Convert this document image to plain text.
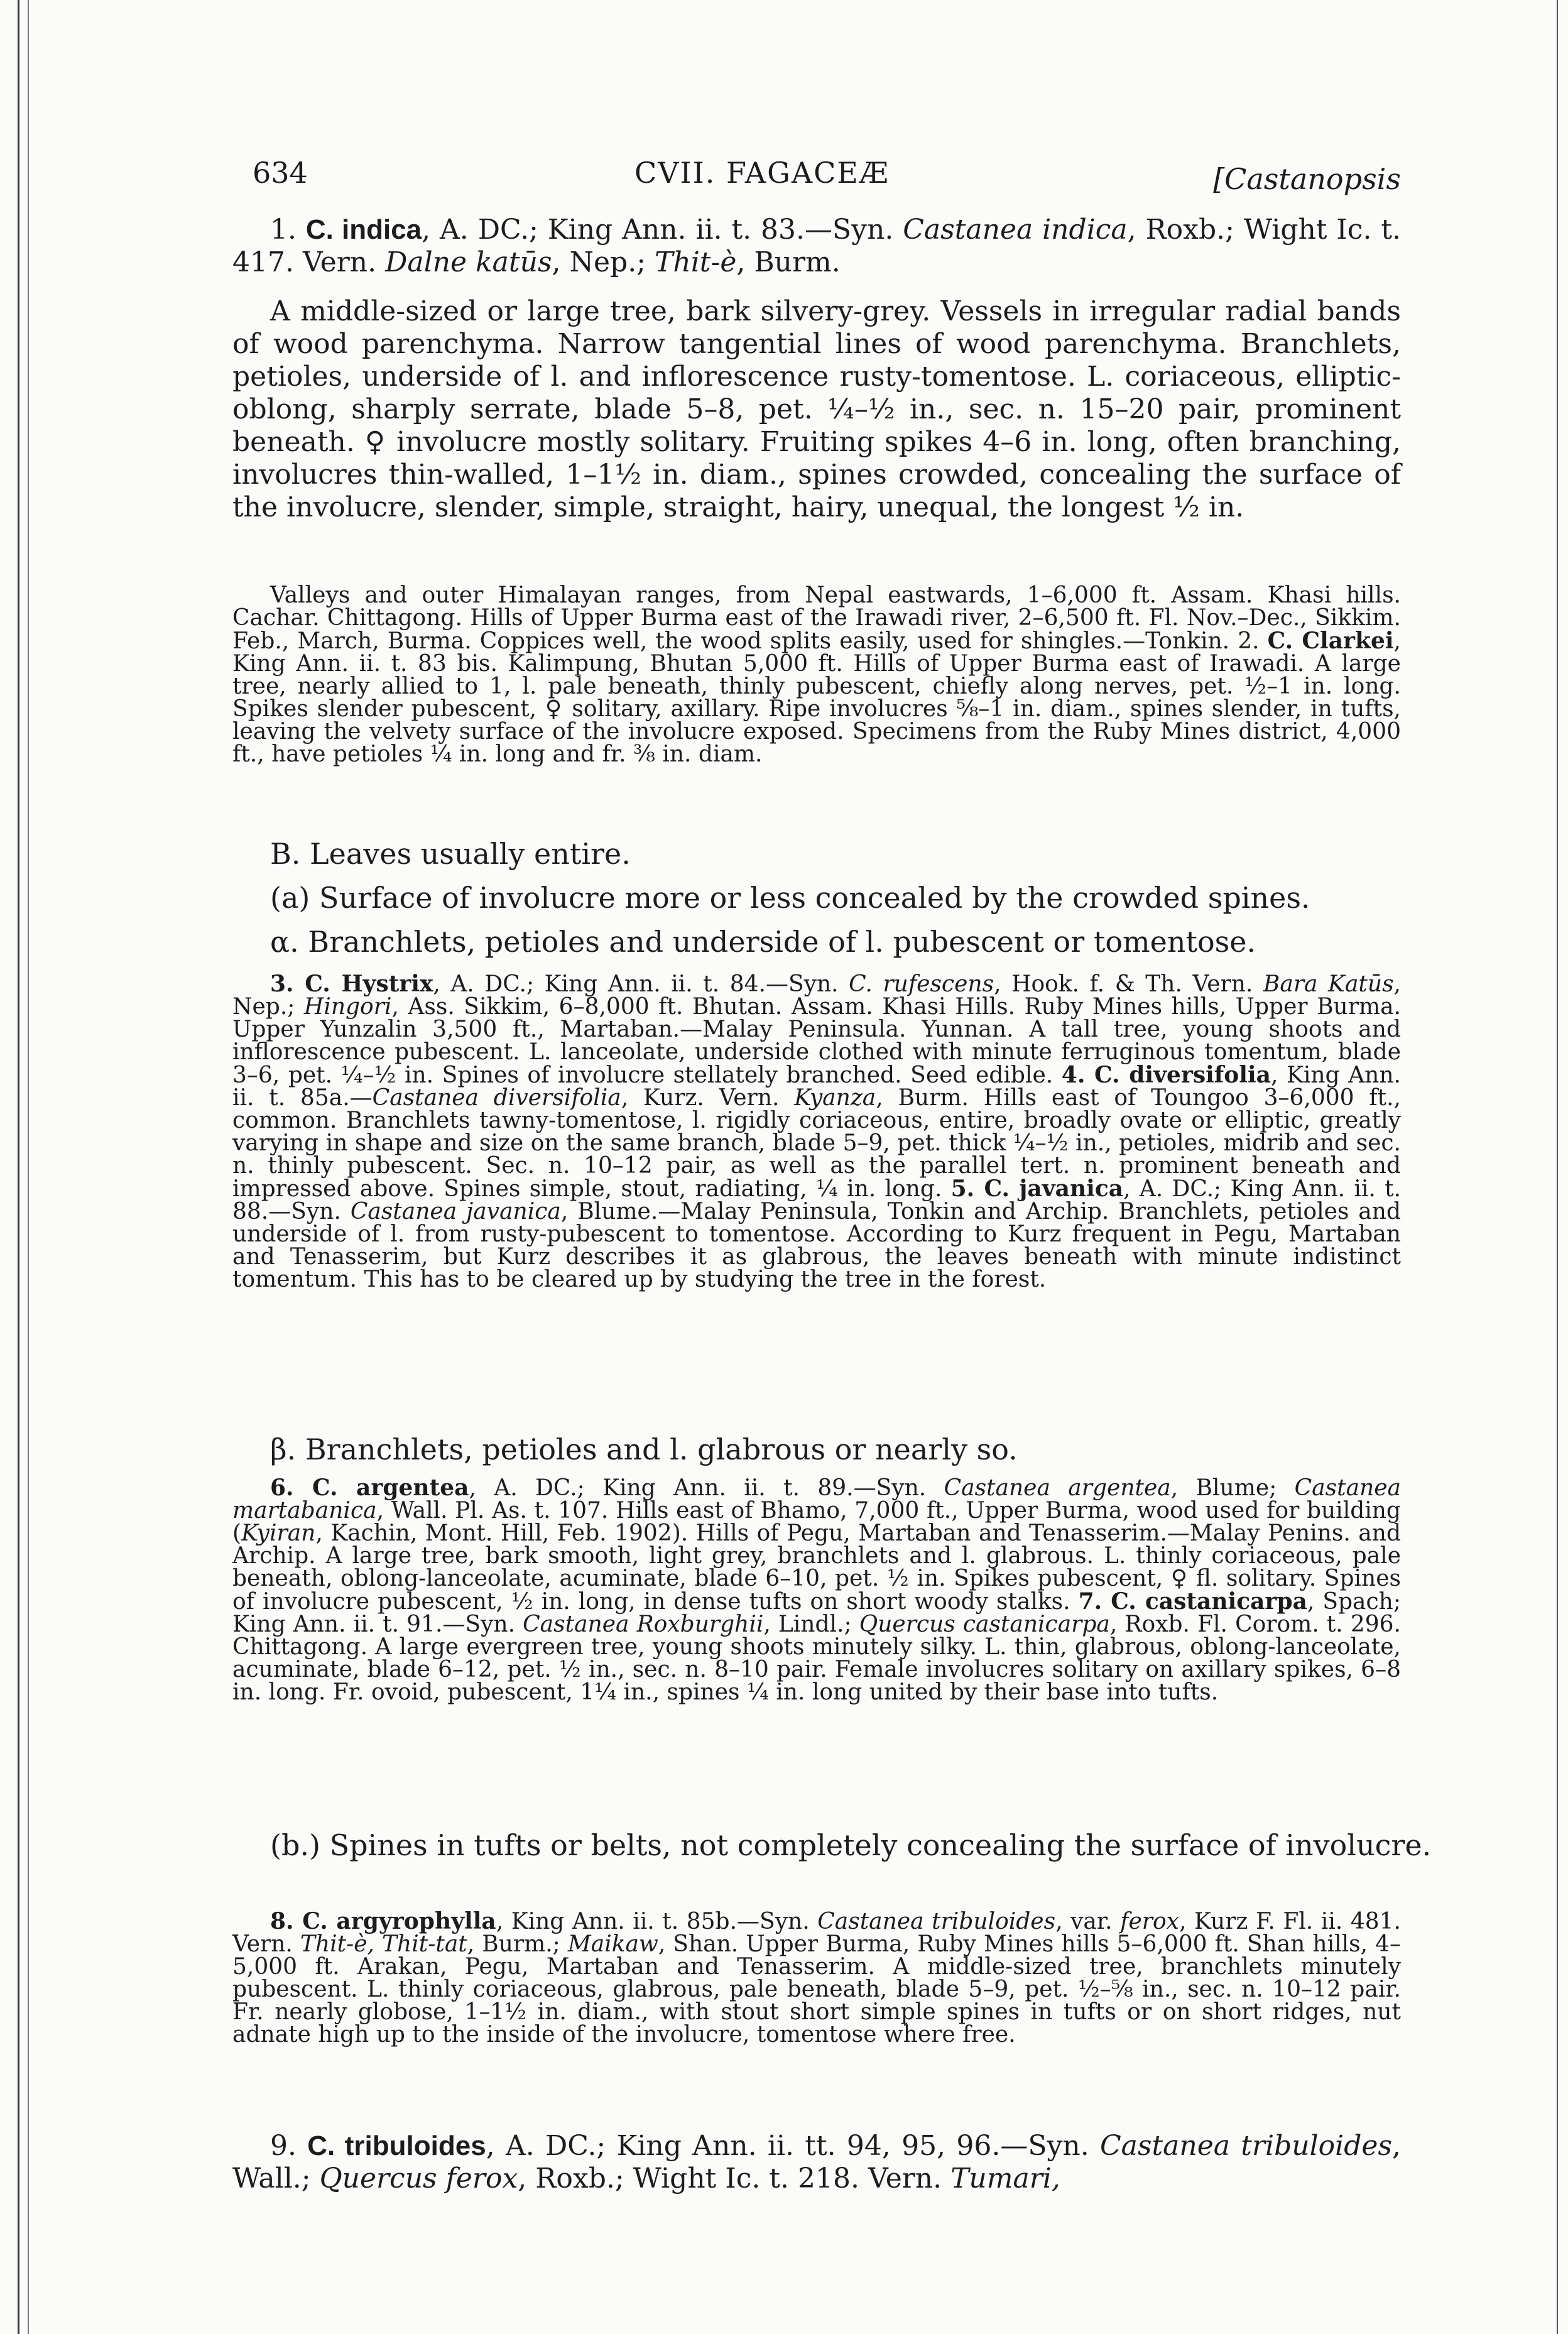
634	CVII. FAGACEÆ	[Castanopsis
1. C. indica, A. DC.; King Ann. ii. t. 83.—Syn. Castanea indica, Roxb.; Wight Ic. t. 417. Vern. Dalne katūs, Nep.; Thit-è, Burm.
A middle-sized or large tree, bark silvery-grey. Vessels in irregular radial bands of wood parenchyma. Narrow tangential lines of wood parenchyma. Branchlets, petioles, underside of l. and inflorescence rusty-tomentose. L. coriaceous, elliptic-oblong, sharply serrate, blade 5–8, pet. ¼–½ in., sec. n. 15–20 pair, prominent beneath. ♀ involucre mostly solitary. Fruiting spikes 4–6 in. long, often branching, involucres thin-walled, 1–1½ in. diam., spines crowded, concealing the surface of the involucre, slender, simple, straight, hairy, unequal, the longest ½ in.
Valleys and outer Himalayan ranges, from Nepal eastwards, 1–6,000 ft. Assam. Khasi hills. Cachar. Chittagong. Hills of Upper Burma east of the Irawadi river, 2–6,500 ft. Fl. Nov.–Dec., Sikkim. Feb., March, Burma. Coppices well, the wood splits easily, used for shingles.—Tonkin. 2. C. Clarkei, King Ann. ii. t. 83 bis. Kalimpung, Bhutan 5,000 ft. Hills of Upper Burma east of Irawadi. A large tree, nearly allied to 1, l. pale beneath, thinly pubescent, chiefly along nerves, pet. ½–1 in. long. Spikes slender pubescent, ♀ solitary, axillary. Ripe involucres ⅝–1 in. diam., spines slender, in tufts, leaving the velvety surface of the involucre exposed. Specimens from the Ruby Mines district, 4,000 ft., have petioles ¼ in. long and fr. ⅜ in. diam.
B. Leaves usually entire.
(a) Surface of involucre more or less concealed by the crowded spines.
α. Branchlets, petioles and underside of l. pubescent or tomentose.
3. C. Hystrix, A. DC.; King Ann. ii. t. 84.—Syn. C. rufescens, Hook. f. & Th. Vern. Bara Katūs, Nep.; Hingori, Ass. Sikkim, 6–8,000 ft. Bhutan. Assam. Khasi Hills. Ruby Mines hills, Upper Burma. Upper Yunzalin 3,500 ft., Martaban.—Malay Peninsula. Yunnan. A tall tree, young shoots and inflorescence pubescent. L. lanceolate, underside clothed with minute ferruginous tomentum, blade 3–6, pet. ¼–½ in. Spines of involucre stellately branched. Seed edible. 4. C. diversifolia, King Ann. ii. t. 85a.—Castanea diversifolia, Kurz. Vern. Kyanza, Burm. Hills east of Toungoo 3–6,000 ft., common. Branchlets tawny-tomentose, l. rigidly coriaceous, entire, broadly ovate or elliptic, greatly varying in shape and size on the same branch, blade 5–9, pet. thick ¼–½ in., petioles, midrib and sec. n. thinly pubescent. Sec. n. 10–12 pair, as well as the parallel tert. n. prominent beneath and impressed above. Spines simple, stout, radiating, ¼ in. long. 5. C. javanica, A. DC.; King Ann. ii. t. 88.—Syn. Castanea javanica, Blume.—Malay Peninsula, Tonkin and Archip. Branchlets, petioles and underside of l. from rusty-pubescent to tomentose. According to Kurz frequent in Pegu, Martaban and Tenasserim, but Kurz describes it as glabrous, the leaves beneath with minute indistinct tomentum. This has to be cleared up by studying the tree in the forest.
β. Branchlets, petioles and l. glabrous or nearly so.
6. C. argentea, A. DC.; King Ann. ii. t. 89.—Syn. Castanea argentea, Blume; Castanea martabanica, Wall. Pl. As. t. 107. Hills east of Bhamo, 7,000 ft., Upper Burma, wood used for building (Kyiran, Kachin, Mont. Hill, Feb. 1902). Hills of Pegu, Martaban and Tenasserim.—Malay Penins. and Archip. A large tree, bark smooth, light grey, branchlets and l. glabrous. L. thinly coriaceous, pale beneath, oblong-lanceolate, acuminate, blade 6–10, pet. ½ in. Spikes pubescent, ♀ fl. solitary. Spines of involucre pubescent, ½ in. long, in dense tufts on short woody stalks. 7. C. castanicarpa, Spach; King Ann. ii. t. 91.—Syn. Castanea Roxburghii, Lindl.; Quercus castanicarpa, Roxb. Fl. Corom. t. 296. Chittagong. A large evergreen tree, young shoots minutely silky. L. thin, glabrous, oblong-lanceolate, acuminate, blade 6–12, pet. ½ in., sec. n. 8–10 pair. Female involucres solitary on axillary spikes, 6–8 in. long. Fr. ovoid, pubescent, 1¼ in., spines ¼ in. long united by their base into tufts.
(b.) Spines in tufts or belts, not completely concealing the surface of involucre.
8. C. argyrophylla, King Ann. ii. t. 85b.—Syn. Castanea tribuloides, var. ferox, Kurz F. Fl. ii. 481. Vern. Thit-è, Thit-tat, Burm.; Maikaw, Shan. Upper Burma, Ruby Mines hills 5–6,000 ft. Shan hills, 4–5,000 ft. Arakan, Pegu, Martaban and Tenasserim. A middle-sized tree, branchlets minutely pubescent. L. thinly coriaceous, glabrous, pale beneath, blade 5–9, pet. ½–⅝ in., sec. n. 10–12 pair. Fr. nearly globose, 1–1½ in. diam., with stout short simple spines in tufts or on short ridges, nut adnate high up to the inside of the involucre, tomentose where free.
9. C. tribuloides, A. DC.; King Ann. ii. tt. 94, 95, 96.—Syn. Castanea tribuloides, Wall.; Quercus ferox, Roxb.; Wight Ic. t. 218. Vern. Tumari,
